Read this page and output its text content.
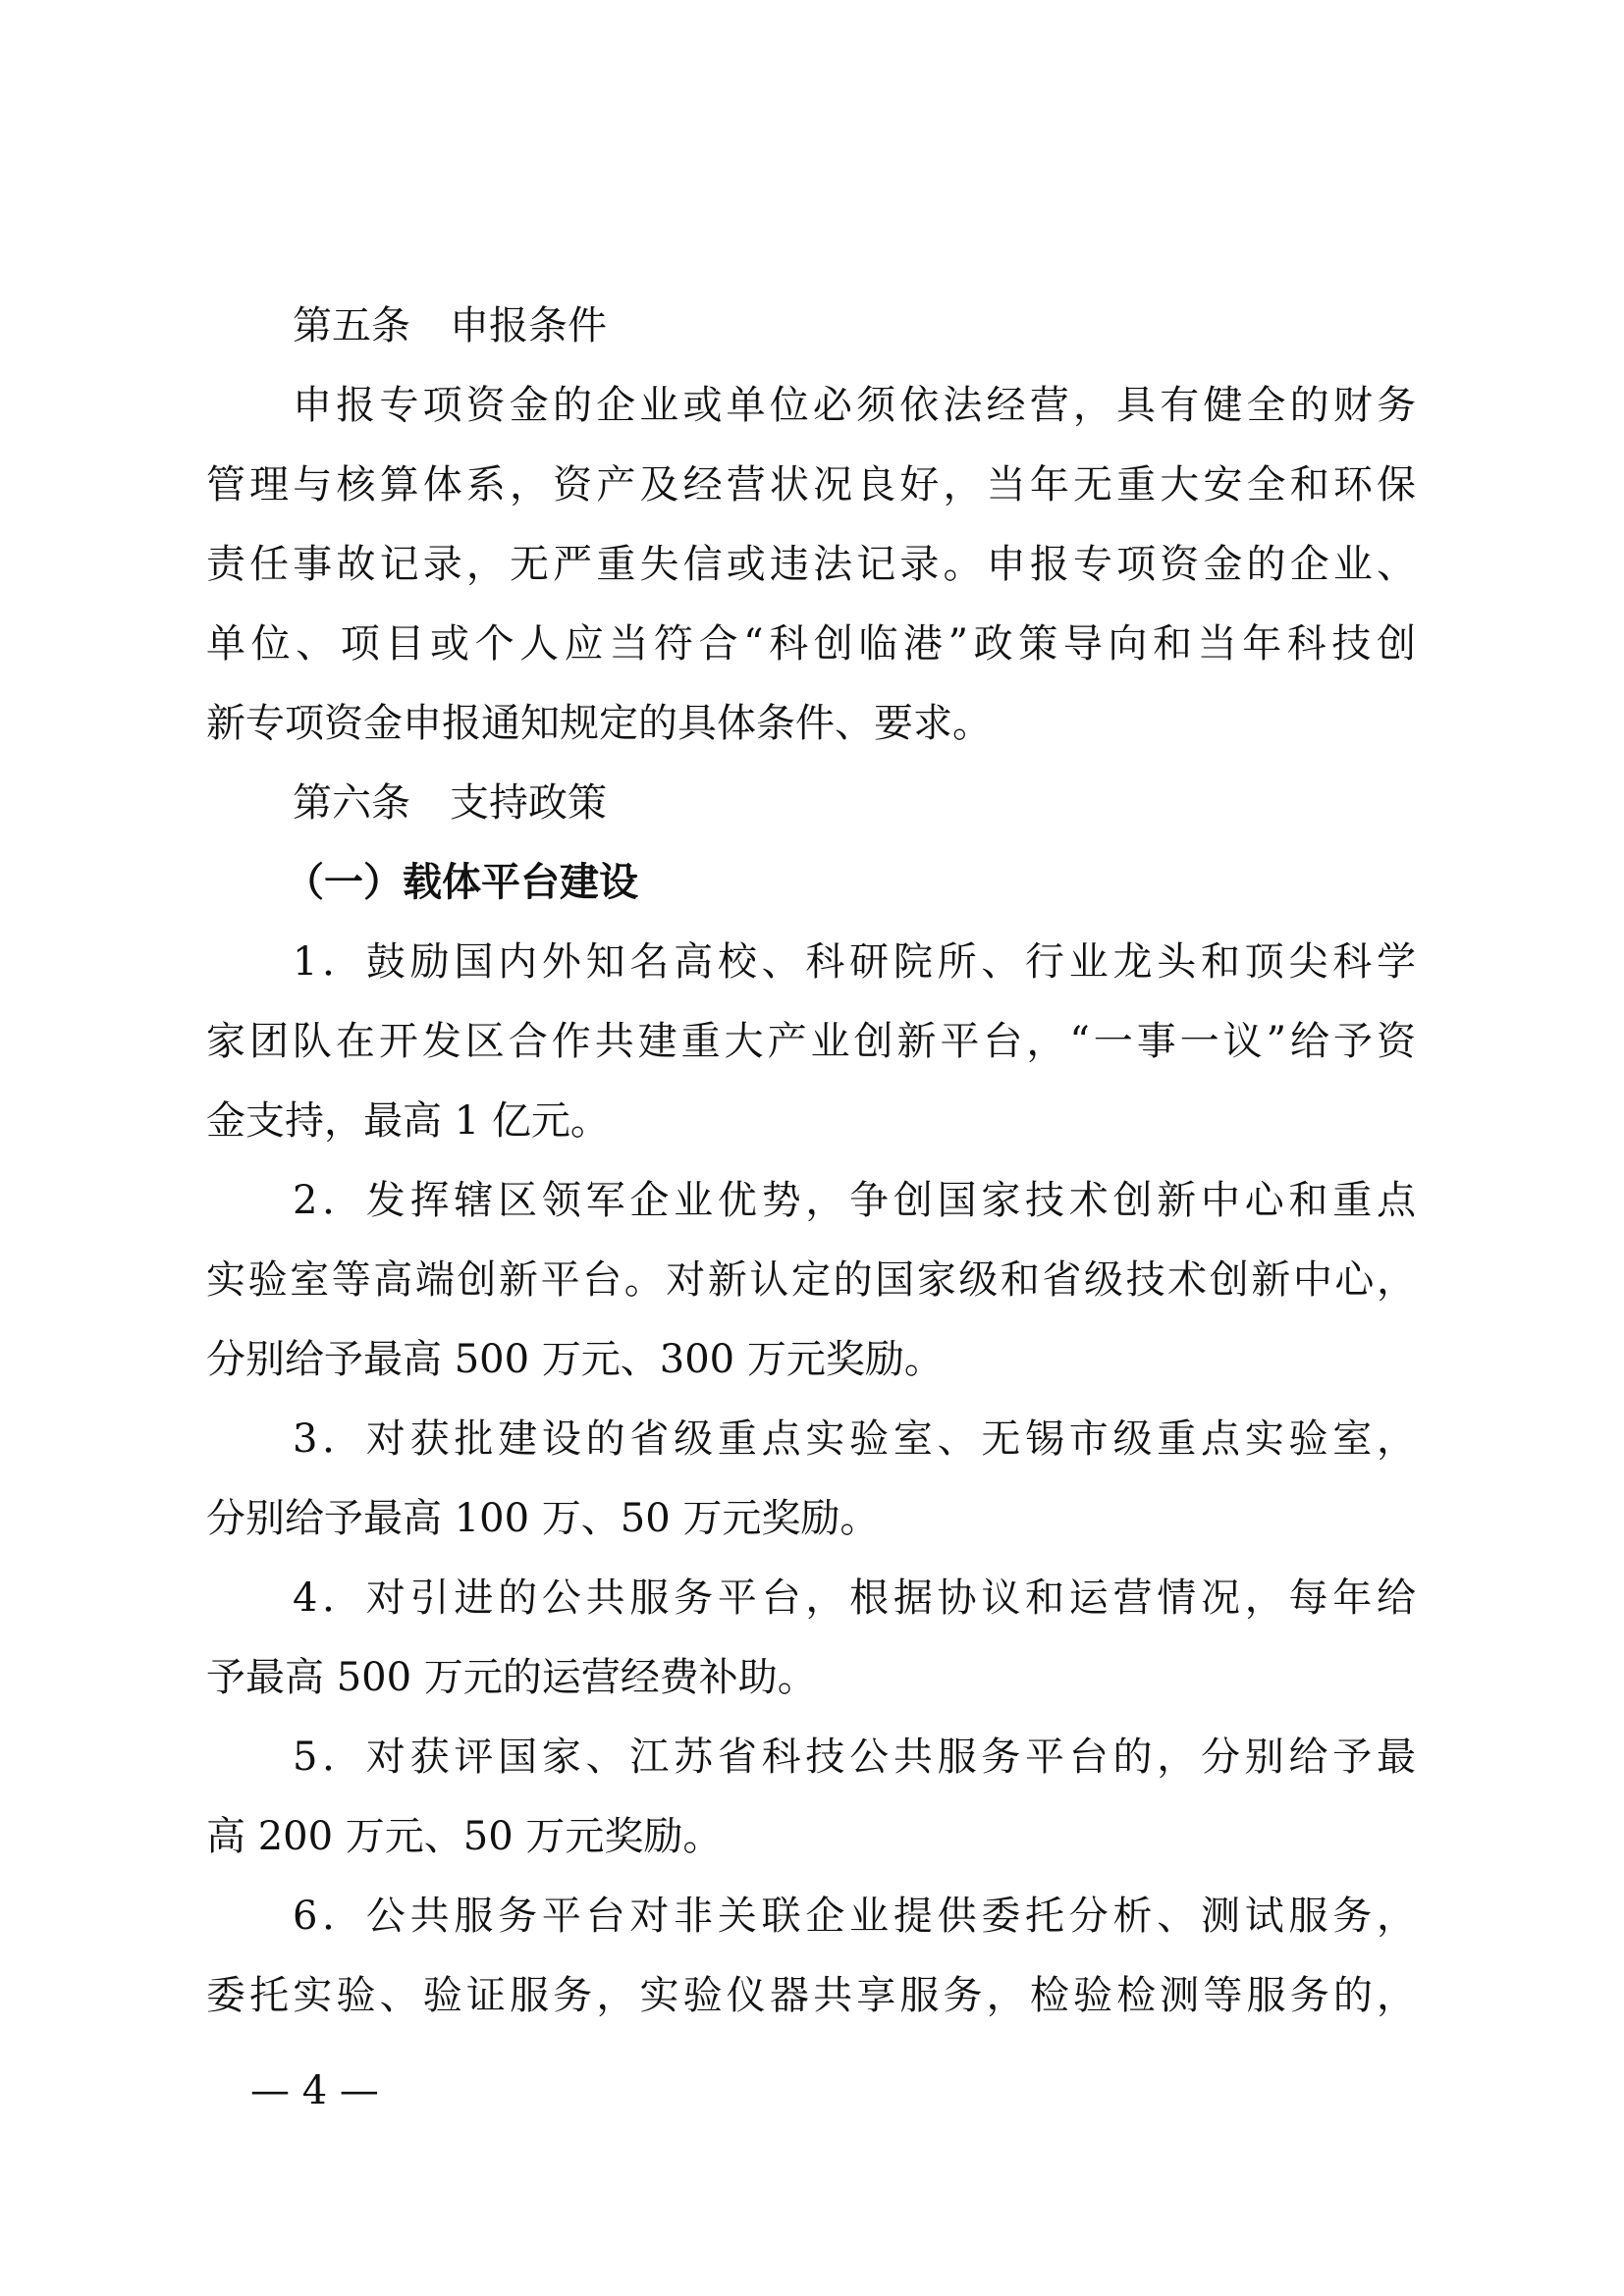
第五条　申报条件
申报专项资金的企业或单位必须依法经营，具有健全的财务
管理与核算体系，资产及经营状况良好，当年无重大安全和环保
责任事故记录，无严重失信或违法记录。申报专项资金的企业、
单位、项目或个人应当符合“科创临港”政策导向和当年科技创
新专项资金申报通知规定的具体条件、要求。
第六条　支持政策
（一）载体平台建设
1．鼓励国内外知名高校、科研院所、行业龙头和顶尖科学
家团队在开发区合作共建重大产业创新平台，“一事一议”给予资
金支持，最高 1 亿元。
2．发挥辖区领军企业优势，争创国家技术创新中心和重点
实验室等高端创新平台。对新认定的国家级和省级技术创新中心，
分别给予最高 500 万元、300 万元奖励。
3．对获批建设的省级重点实验室、无锡市级重点实验室，
分别给予最高 100 万、50 万元奖励。
4．对引进的公共服务平台，根据协议和运营情况，每年给
予最高 500 万元的运营经费补助。
5．对获评国家、江苏省科技公共服务平台的，分别给予最
高 200 万元、50 万元奖励。
6．公共服务平台对非关联企业提供委托分析、测试服务，
委托实验、验证服务，实验仪器共享服务，检验检测等服务的，
— 4 —
